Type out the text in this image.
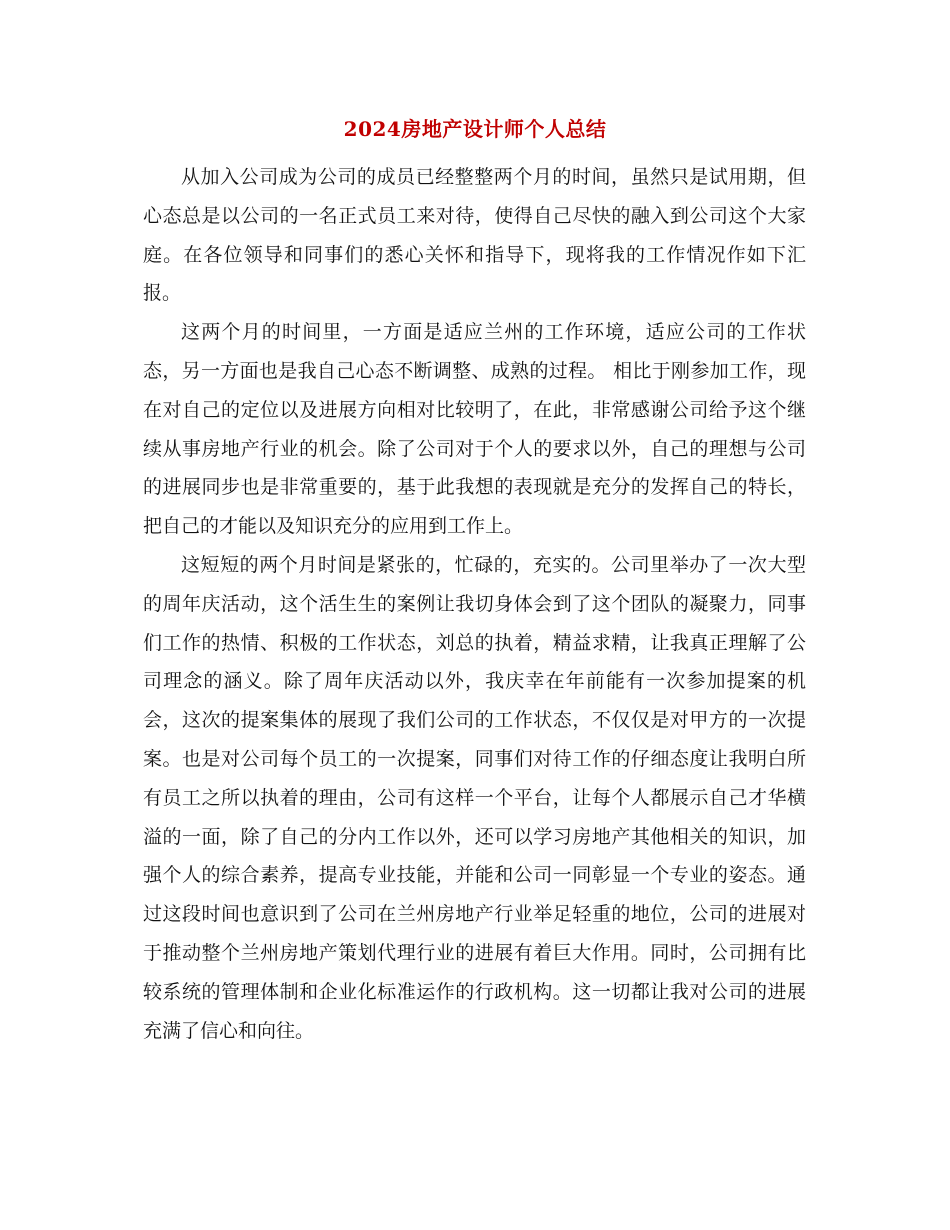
2024房地产设计师个人总结

从加入公司成为公司的成员已经整整两个月的时间，虽然只是试用期，但心态总是以公司的一名正式员工来对待，使得自己尽快的融入到公司这个大家庭。在各位领导和同事们的悉心关怀和指导下，现将我的工作情况作如下汇报。

这两个月的时间里，一方面是适应兰州的工作环境，适应公司的工作状态，另一方面也是我自己心态不断调整、成熟的过程。 相比于刚参加工作，现在对自己的定位以及进展方向相对比较明了，在此，非常感谢公司给予这个继续从事房地产行业的机会。除了公司对于个人的要求以外，自己的理想与公司的进展同步也是非常重要的，基于此我想的表现就是充分的发挥自己的特长，把自己的才能以及知识充分的应用到工作上。

这短短的两个月时间是紧张的，忙碌的，充实的。公司里举办了一次大型的周年庆活动，这个活生生的案例让我切身体会到了这个团队的凝聚力，同事们工作的热情、积极的工作状态，刘总的执着，精益求精，让我真正理解了公司理念的涵义。除了周年庆活动以外，我庆幸在年前能有一次参加提案的机会，这次的提案集体的展现了我们公司的工作状态，不仅仅是对甲方的一次提案。也是对公司每个员工的一次提案，同事们对待工作的仔细态度让我明白所有员工之所以执着的理由，公司有这样一个平台，让每个人都展示自己才华横溢的一面，除了自己的分内工作以外，还可以学习房地产其他相关的知识，加强个人的综合素养，提高专业技能，并能和公司一同彰显一个专业的姿态。通过这段时间也意识到了公司在兰州房地产行业举足轻重的地位，公司的进展对于推动整个兰州房地产策划代理行业的进展有着巨大作用。同时，公司拥有比较系统的管理体制和企业化标准运作的行政机构。这一切都让我对公司的进展充满了信心和向往。
